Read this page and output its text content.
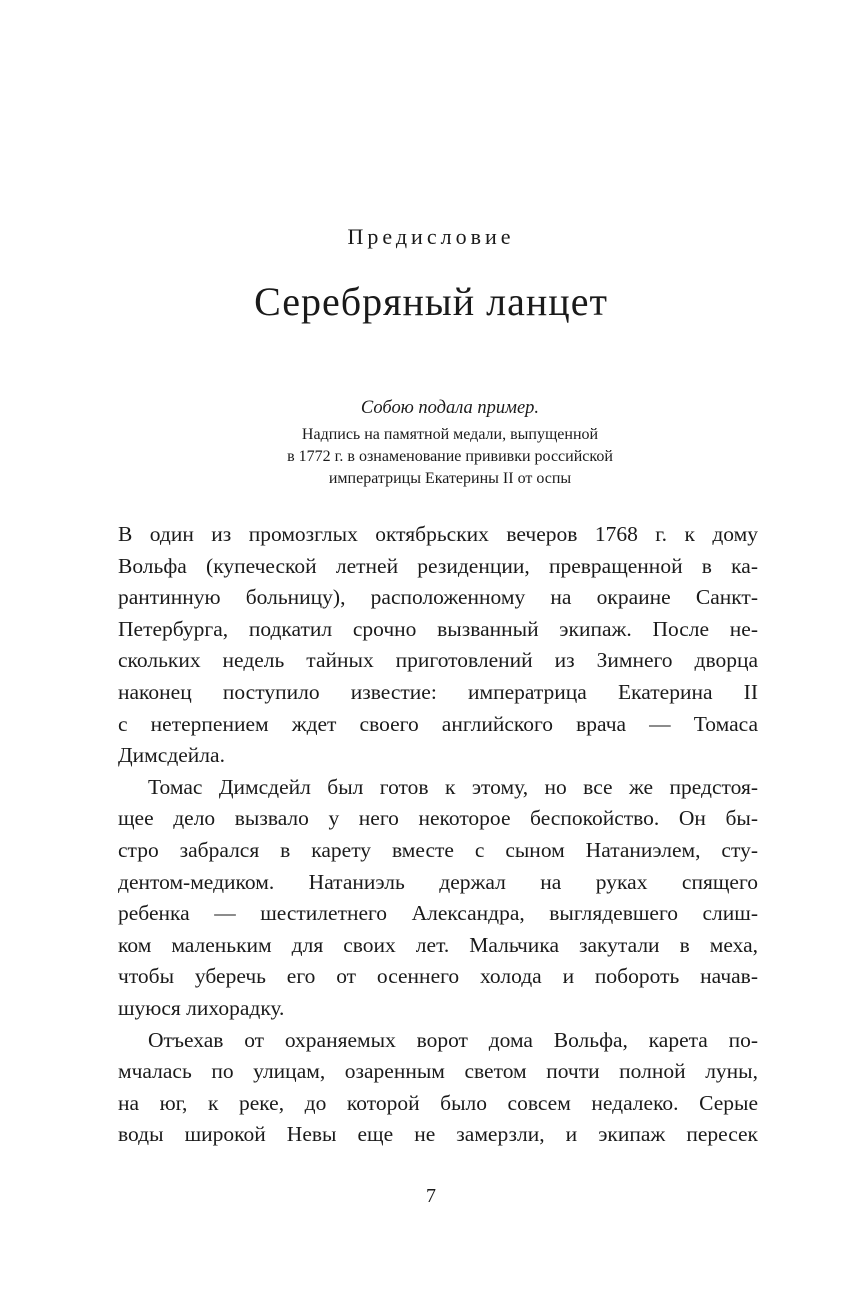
Предисловие
Серебряный ланцет

Собою подала пример.

Надпись на памятной медали, выпущенной
в 1772 г. в ознаменование прививки российской
императрицы Екатерины II от оспы

В один из промозглых октябрьских вечеров 1768 г. к дому
Вольфа (купеческой летней резиденции, превращенной в ка-
рантинную больницу), расположенному на окраине Санкт-
Петербурга, подкатил срочно вызванный экипаж. После не-
скольких недель тайных приготовлений из Зимнего дворца
наконец поступило известие: императрица Екатерина II
с нетерпением ждет своего английского врача — Томаса
Димсдейла.

Томас Димсдейл был готов к этому, но все же предстоя-
щее дело вызвало у него некоторое беспокойство. Он бы-
стро забрался в карету вместе с сыном Натаниэлем, сту-
дентом-медиком. Натаниэль держал на руках спящего
ребенка — шестилетнего Александра, выглядевшего слиш-
ком маленьким для своих лет. Мальчика закутали в меха,
чтобы уберечь его от осеннего холода и побороть начав-
шуюся лихорадку.

Отъехав от охраняемых ворот дома Вольфа, карета по-
мчалась по улицам, озаренным светом почти полной луны,
на юг, к реке, до которой было совсем недалеко. Серые
воды широкой Невы еще не замерзли, и экипаж пересек

7
